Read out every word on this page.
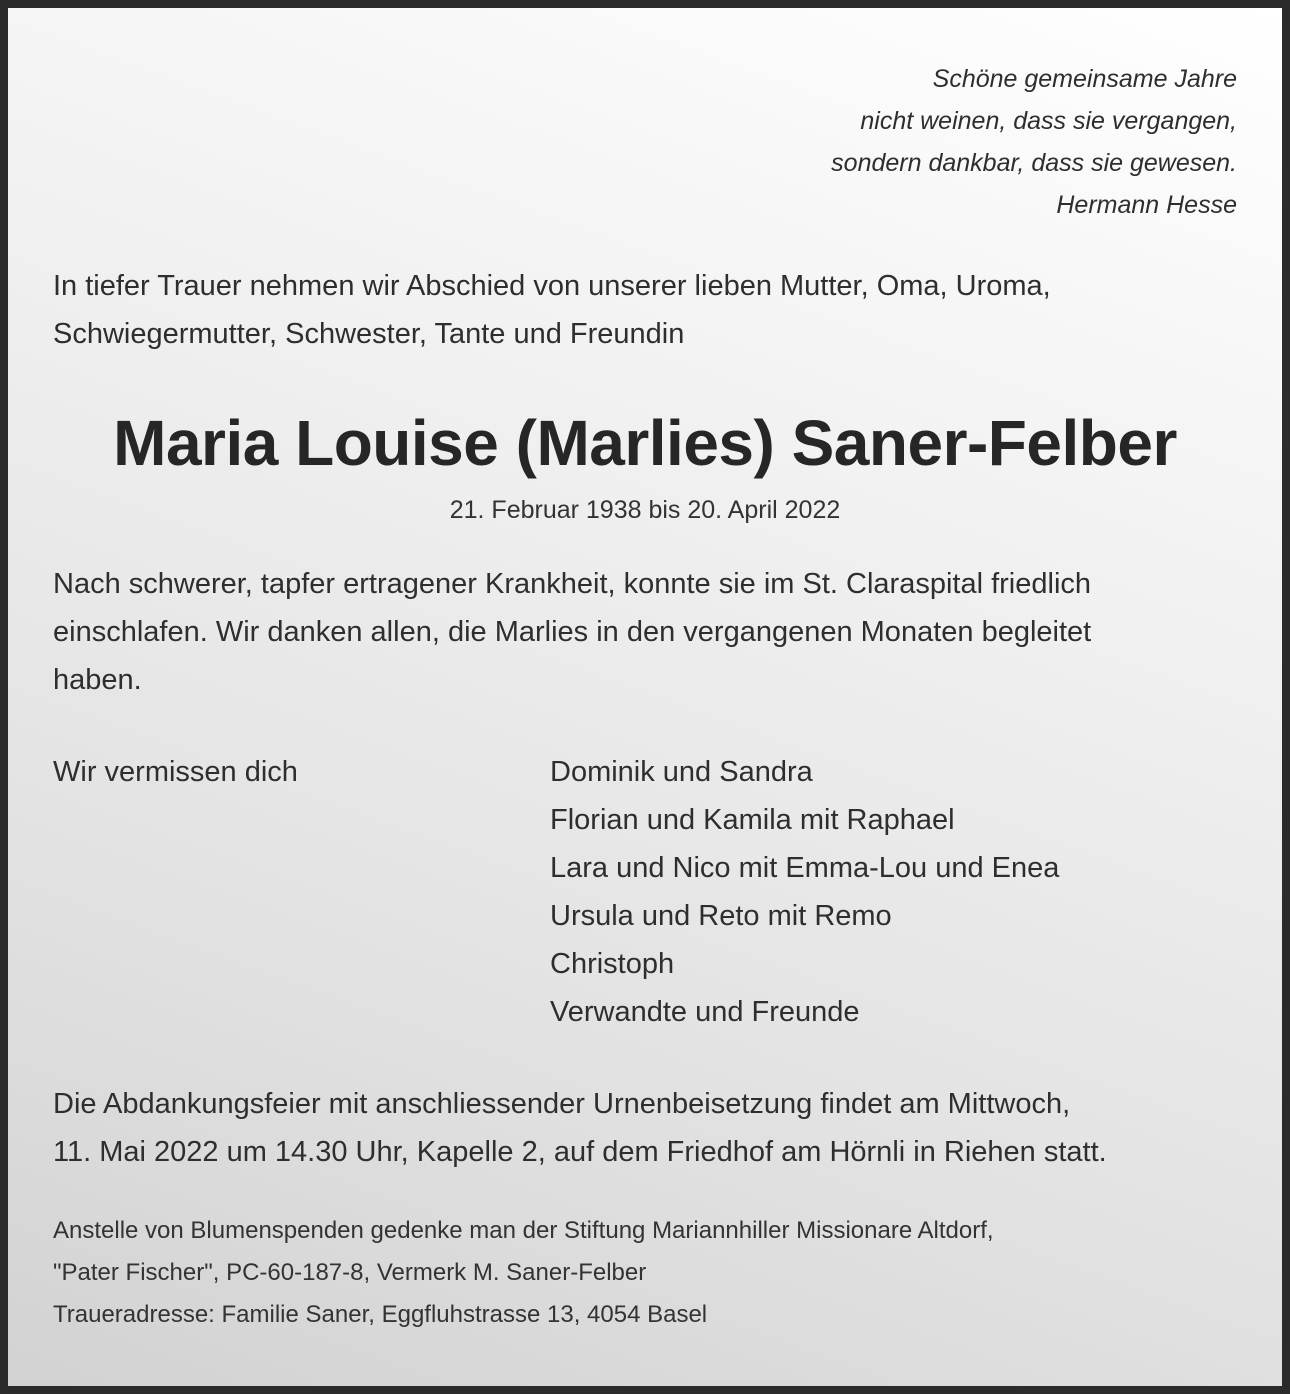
Schöne gemeinsame Jahre
nicht weinen, dass sie vergangen,
sondern dankbar, dass sie gewesen.
Hermann Hesse
In tiefer Trauer nehmen wir Abschied von unserer lieben Mutter, Oma, Uroma,
Schwiegermutter, Schwester, Tante und Freundin
Maria Louise (Marlies) Saner-Felber
21. Februar 1938 bis 20. April 2022
Nach schwerer, tapfer ertragener Krankheit, konnte sie im St. Claraspital friedlich
einschlafen. Wir danken allen, die Marlies in den vergangenen Monaten begleitet
haben.
Wir vermissen dich	Dominik und Sandra
Florian und Kamila mit Raphael
Lara und Nico mit Emma-Lou und Enea
Ursula und Reto mit Remo
Christoph
Verwandte und Freunde
Die Abdankungsfeier mit anschliessender Urnenbeisetzung findet am Mittwoch,
11. Mai 2022 um 14.30 Uhr, Kapelle 2, auf dem Friedhof am Hörnli in Riehen statt.
Anstelle von Blumenspenden gedenke man der Stiftung Mariannhiller Missionare Altdorf,
"Pater Fischer", PC-60-187-8, Vermerk M. Saner-Felber
Traueradresse: Familie Saner, Eggfluhstrasse 13, 4054 Basel
